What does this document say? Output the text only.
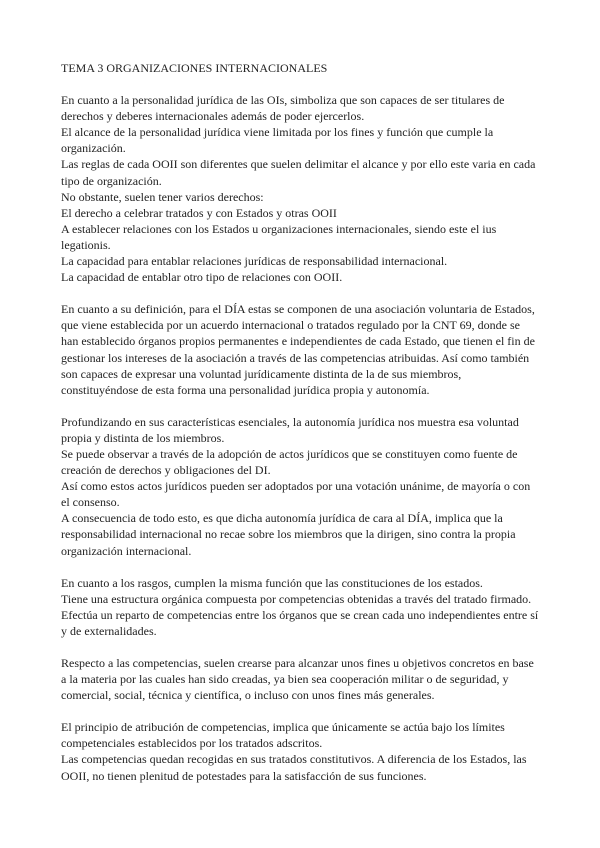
TEMA 3 ORGANIZACIONES INTERNACIONALES
En cuanto a la personalidad jurídica de las OIs, simboliza que son capaces de ser titulares de derechos y deberes internacionales además de poder ejercerlos.
El alcance de la personalidad jurídica viene limitada por los fines y función que cumple la organización.
Las reglas de cada OOII son diferentes que suelen delimitar el alcance y por ello este varia en cada tipo de organización.
No obstante, suelen tener varios derechos:
El derecho a celebrar tratados y con Estados y otras OOII
A establecer relaciones con los Estados u organizaciones internacionales, siendo este el ius legationis.
La capacidad para entablar relaciones jurídicas de responsabilidad internacional.
La capacidad de entablar otro tipo de relaciones con OOII.
En cuanto a su definición, para el DÍA estas se componen de una asociación voluntaria de Estados, que viene establecida por un acuerdo internacional o tratados regulado por la CNT 69, donde se han establecido órganos propios permanentes e independientes de cada Estado, que tienen el fin de gestionar los intereses de la asociación a través de las competencias atribuidas. Así como también son capaces de expresar una voluntad jurídicamente distinta de la de sus miembros, constituyéndose de esta forma una personalidad jurídica propia y autonomía.
Profundizando en sus características esenciales, la autonomía jurídica nos muestra esa voluntad propia y distinta de los miembros.
Se puede observar a través de la adopción de actos jurídicos que se constituyen como fuente de creación de derechos y obligaciones del DI.
Así como estos actos jurídicos pueden ser adoptados por una votación unánime, de mayoría o con el consenso.
A consecuencia de todo esto, es que dicha autonomía jurídica de cara al DÍA, implica que la responsabilidad internacional no recae sobre los miembros que la dirigen, sino contra la propia organización internacional.
En cuanto a los rasgos, cumplen la misma función que las constituciones de los estados.
Tiene una estructura orgánica compuesta por competencias obtenidas a través del tratado firmado. Efectúa un reparto de competencias entre los órganos que se crean cada uno independientes entre sí y de externalidades.
Respecto a las competencias, suelen crearse para alcanzar unos fines u objetivos concretos en base a la materia por las cuales han sido creadas, ya bien sea cooperación militar o de seguridad, y comercial, social, técnica y científica, o incluso con unos fines más generales.
El principio de atribución de competencias, implica que únicamente se actúa bajo los límites competenciales establecidos por los tratados adscritos.
Las competencias quedan recogidas en sus tratados constitutivos. A diferencia de los Estados, las OOII, no tienen plenitud de potestades para la satisfacción de sus funciones.
